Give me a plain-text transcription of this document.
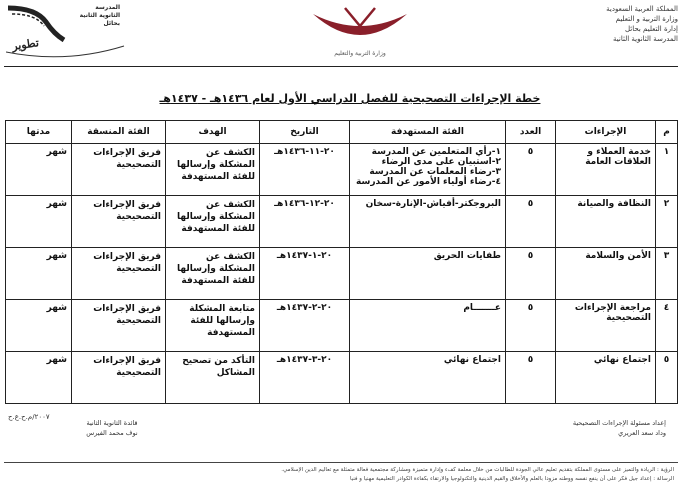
المملكة العربية السعودية
وزارة التربية و التعليم
إدارة التعليم بحائل
المدرسة الثانوية الثانية
وزارة التربية والتعليم
المدرسة
الثانوية الثانية
بحائل
تطوير
خطة الإجراءات التصحيحية للفصل الدراسي الأول لعام ١٤٣٦هـ - ١٤٣٧هـ
م	الإجراءات	العدد	الفئة المستهدفة	التاريخ	الهدف	الفئة المنسقة	مدتها
١	خدمة العملاء و العلاقات العامة	٥	١-رأي المتعلمين عن المدرسة
٢-استبيان على مدى الرضاء
٣-رضاء المعلمات عن المدرسة
٤-رضاء أولياء الأمور عن المدرسة	٢٠-١١-١٤٣٦هـ	الكشف عن المشكلة وإرسالها للفئة المستهدفة	فريق الإجراءات التصحيحية	شهر
٢	النظافة والصيانة	٥	البروجكتر-أفياش-الإنارة-سخان	٢٠-١٢-١٤٣٦هـ	الكشف عن المشكلة وإرسالها للفئة المستهدفة	فريق الإجراءات التصحيحية	شهر
٣	الأمن والسلامة	٥	طفايات الحريق	٢٠-١-١٤٣٧هـ	الكشف عن المشكلة وإرسالها للفئة المستهدفة	فريق الإجراءات التصحيحية	شهر
٤	مراجعة الإجراءات التصحيحية	٥	عـــــــام	٢٠-٢-١٤٣٧هـ	متابعة المشكلة وإرسالها للفئة المستهدفة	فريق الإجراءات التصحيحية	شهر
٥	اجتماع نهائي	٥	اجتماع نهائي	٢٠-٣-١٤٣٧هـ	التأكد من تصحيح المشاكل	فريق الإجراءات التصحيحية	شهر
إعداد مسئولة الإجراءات التصحيحية
وداد سعد العريري
٢٠٠٧/م.ح.ع.ح
قائدة الثانوية الثانية
نوف محمد الفيرس
الرؤية : الريادة والتميز على مستوى المملكة بتقديم تعليم عالي الجودة للطالبات من خلال معلمة كفء وإدارة متميزة ومشاركة مجتمعية فعالة متمثلة مع تعاليم الدين الإسلامي.
الرسالة : إعداد جيل فكر على أن ينفع نفسه ووطنه مزودا بالعلم والأخلاق والقيم الدينية والتكنولوجيا والارتقاء بكفاءة الكوادر التعليمية مهنيا و فنيا
